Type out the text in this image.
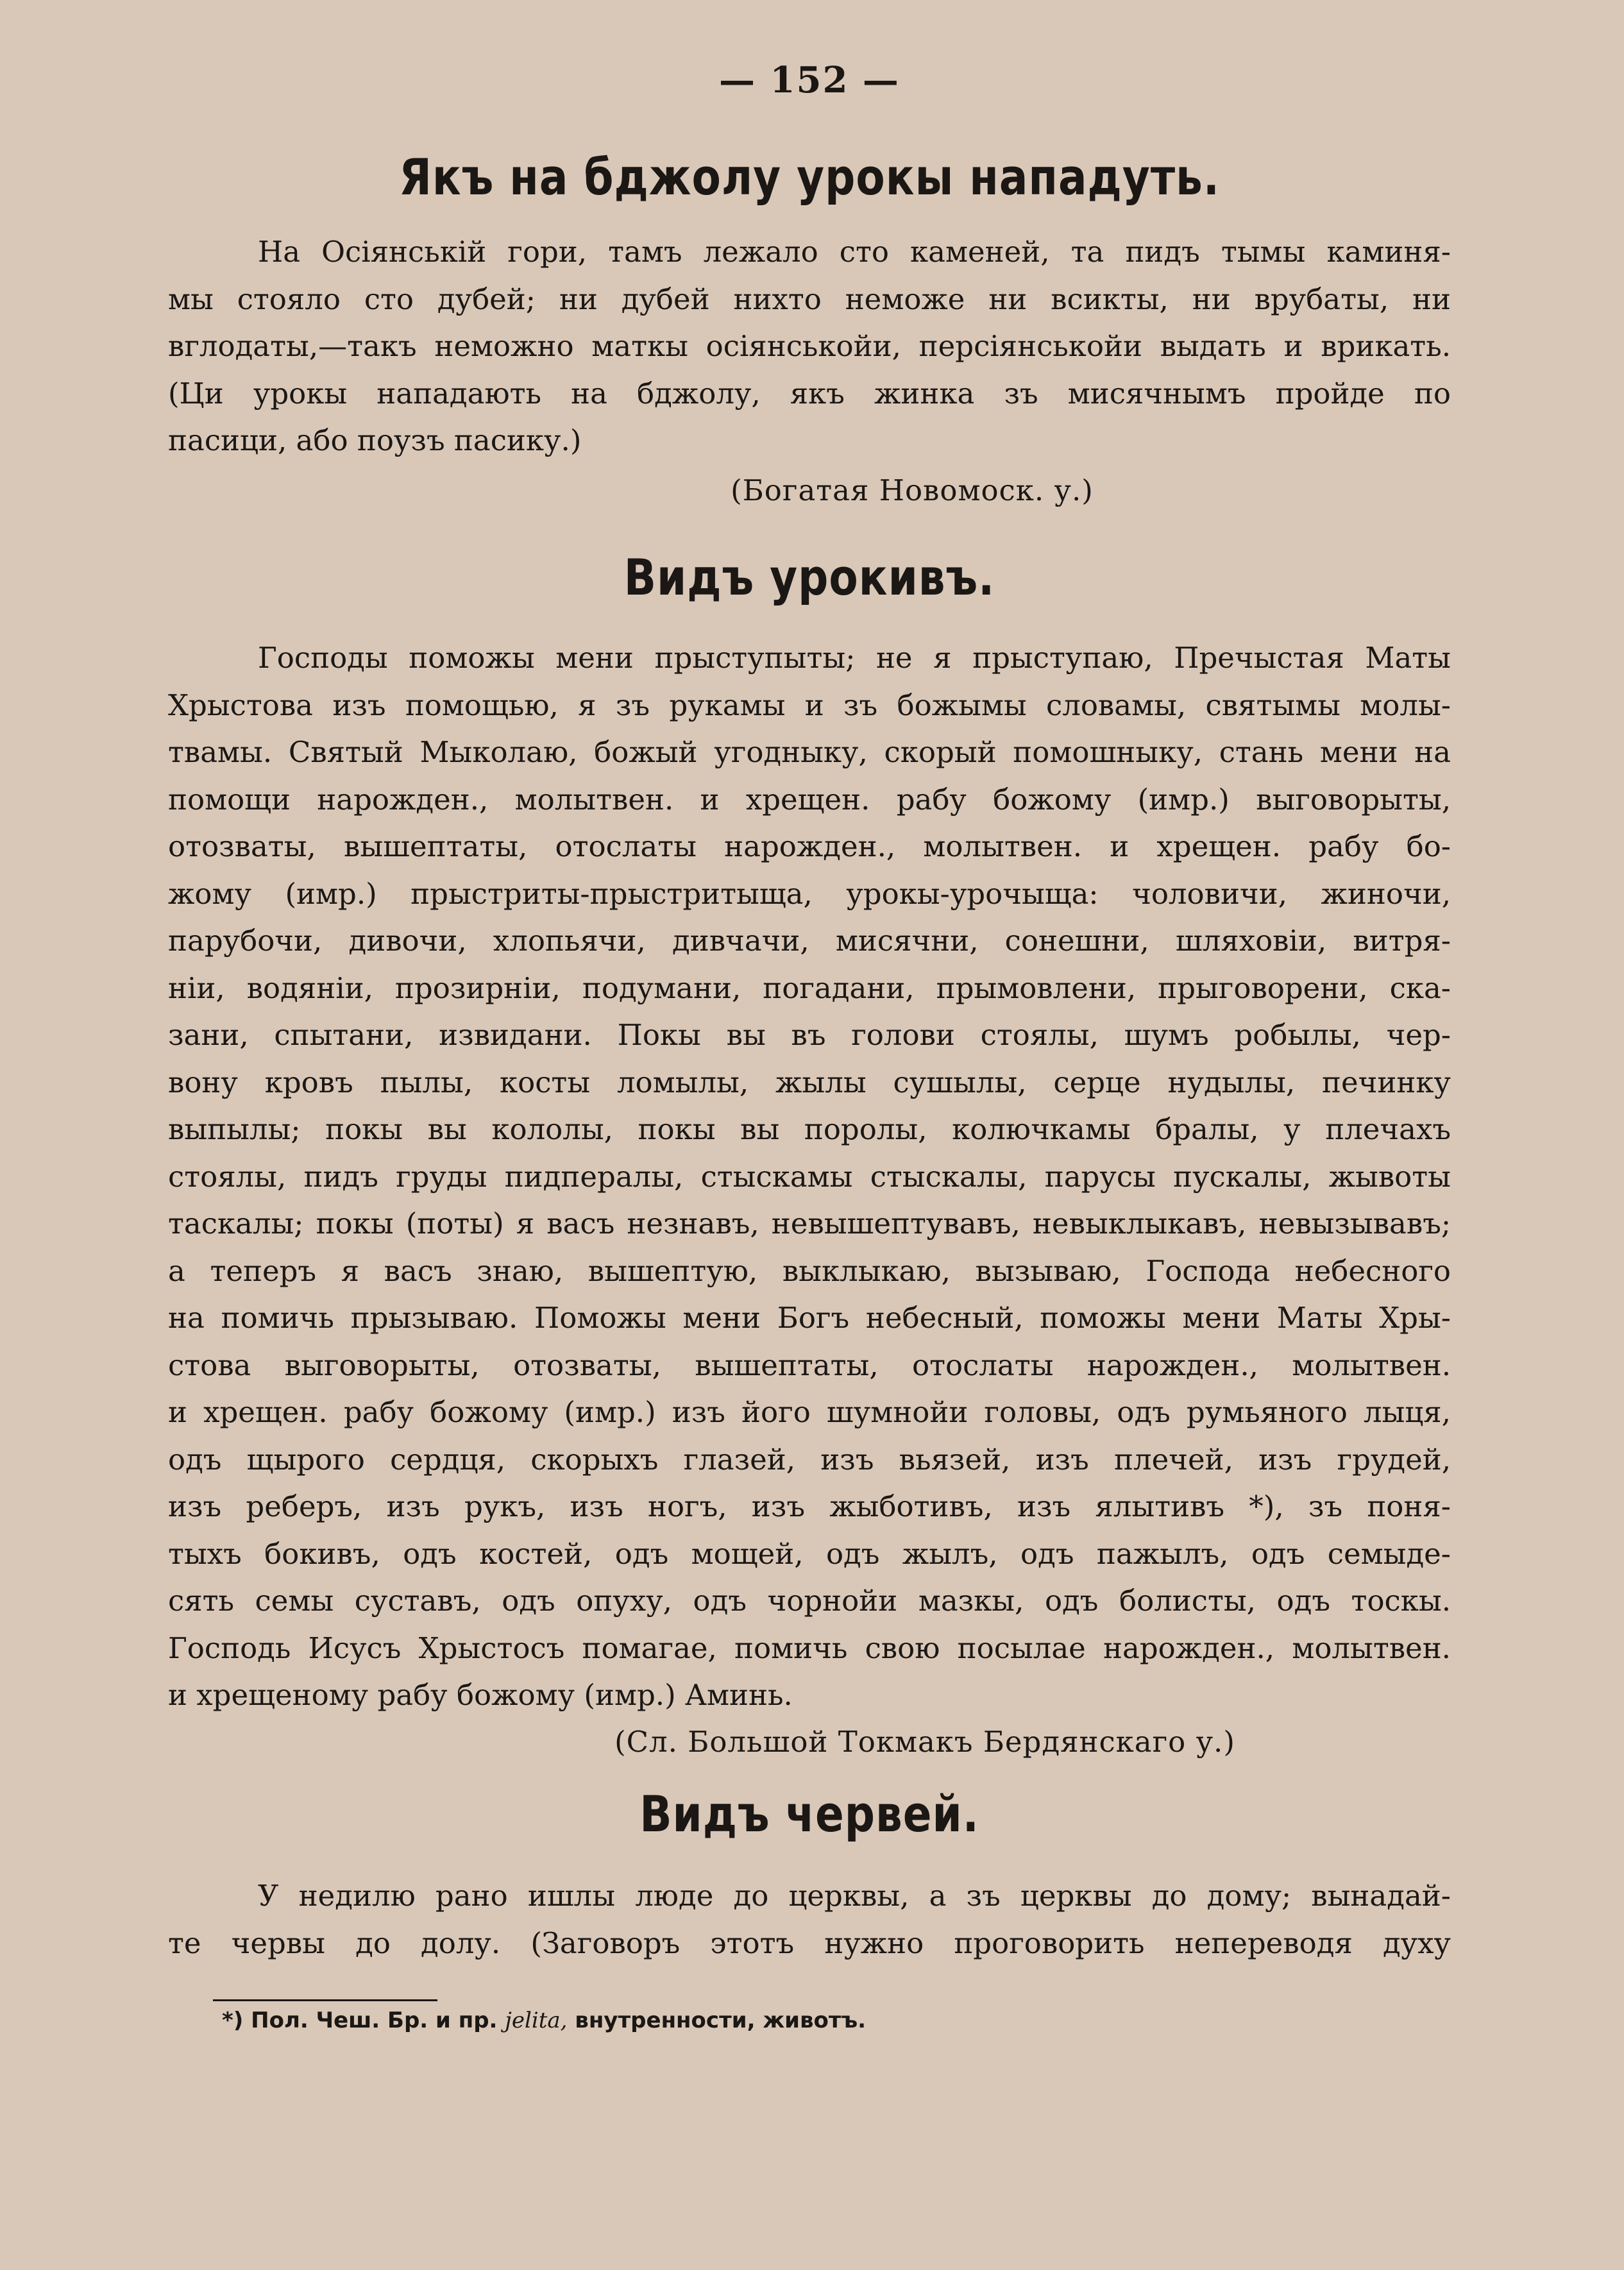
— 152 —
Якъ на бджолу урокы нападуть.
На Осіянській гори, тамъ лежало сто каменей, та пидъ тымы каминя-
мы стояло сто дубей; ни дубей нихто неможе ни всикты, ни врубаты, ни
вглодаты,—такъ неможно маткы осіянськойи, персіянськойи выдать и врикать.
(Ци урокы нападають на бджолу, якъ жинка зъ мисячнымъ пройде по
пасици, або поузъ пасику.)
(Богатая Новомоск. у.)
Видъ урокивъ.
Господы поможы мени прыступыты; не я прыступаю, Пречыстая Маты
Хрыстова изъ помощью, я зъ рукамы и зъ божымы словамы, святымы молы-
твамы. Святый Мыколаю, божый угодныку, скорый помошныку, стань мени на
помощи нарожден., молытвен. и хрещен. рабу божому (имр.) выговорыты,
отозваты, вышептаты, отослаты нарожден., молытвен. и хрещен. рабу бо-
жому (имр.) прыстриты-прыстритыща, урокы-урочыща: чоловичи, жиночи,
парубочи, дивочи, хлопьячи, дивчачи, мисячни, сонешни, шляховіи, витря-
ніи, водяніи, прозирніи, подумани, погадани, прымовлени, прыговорени, ска-
зани, спытани, извидани. Покы вы въ голови стоялы, шумъ робылы, чер-
вону кровъ пылы, косты ломылы, жылы сушылы, серце нудылы, печинку
выпылы; покы вы кололы, покы вы поролы, колючкамы бралы, у плечахъ
стоялы, пидъ груды пидпералы, стыскамы стыскалы, парусы пускалы, жывоты
таскалы; покы (поты) я васъ незнавъ, невышептувавъ, невыклыкавъ, невызывавъ;
а теперъ я васъ знаю, вышептую, выклыкаю, вызываю, Господа небесного
на помичь прызываю. Поможы мени Богъ небесный, поможы мени Маты Хры-
стова выговорыты, отозваты, вышептаты, отослаты нарожден., молытвен.
и хрещен. рабу божому (имр.) изъ його шумнойи головы, одъ румьяного лыця,
одъ щырого сердця, скорыхъ глазей, изъ вьязей, изъ плечей, изъ грудей,
изъ реберъ, изъ рукъ, изъ ногъ, изъ жыботивъ, изъ ялытивъ *), зъ поня-
тыхъ бокивъ, одъ костей, одъ мощей, одъ жылъ, одъ пажылъ, одъ семыде-
сять семы суставъ, одъ опуху, одъ чорнойи мазкы, одъ болисты, одъ тоскы.
Господь Исусъ Хрыстосъ помагае, помичь свою посылае нарожден., молытвен.
и хрещеному рабу божому (имр.) Аминь.
(Сл. Большой Токмакъ Бердянскаго у.)
Видъ червей.
У недилю рано ишлы люде до церквы, а зъ церквы до дому; вынадай-
те червы до долу. (Заговоръ этотъ нужно проговорить непереводя духу
*) Пол. Чеш. Бр. и пр. jelita, внутренности, животъ.
